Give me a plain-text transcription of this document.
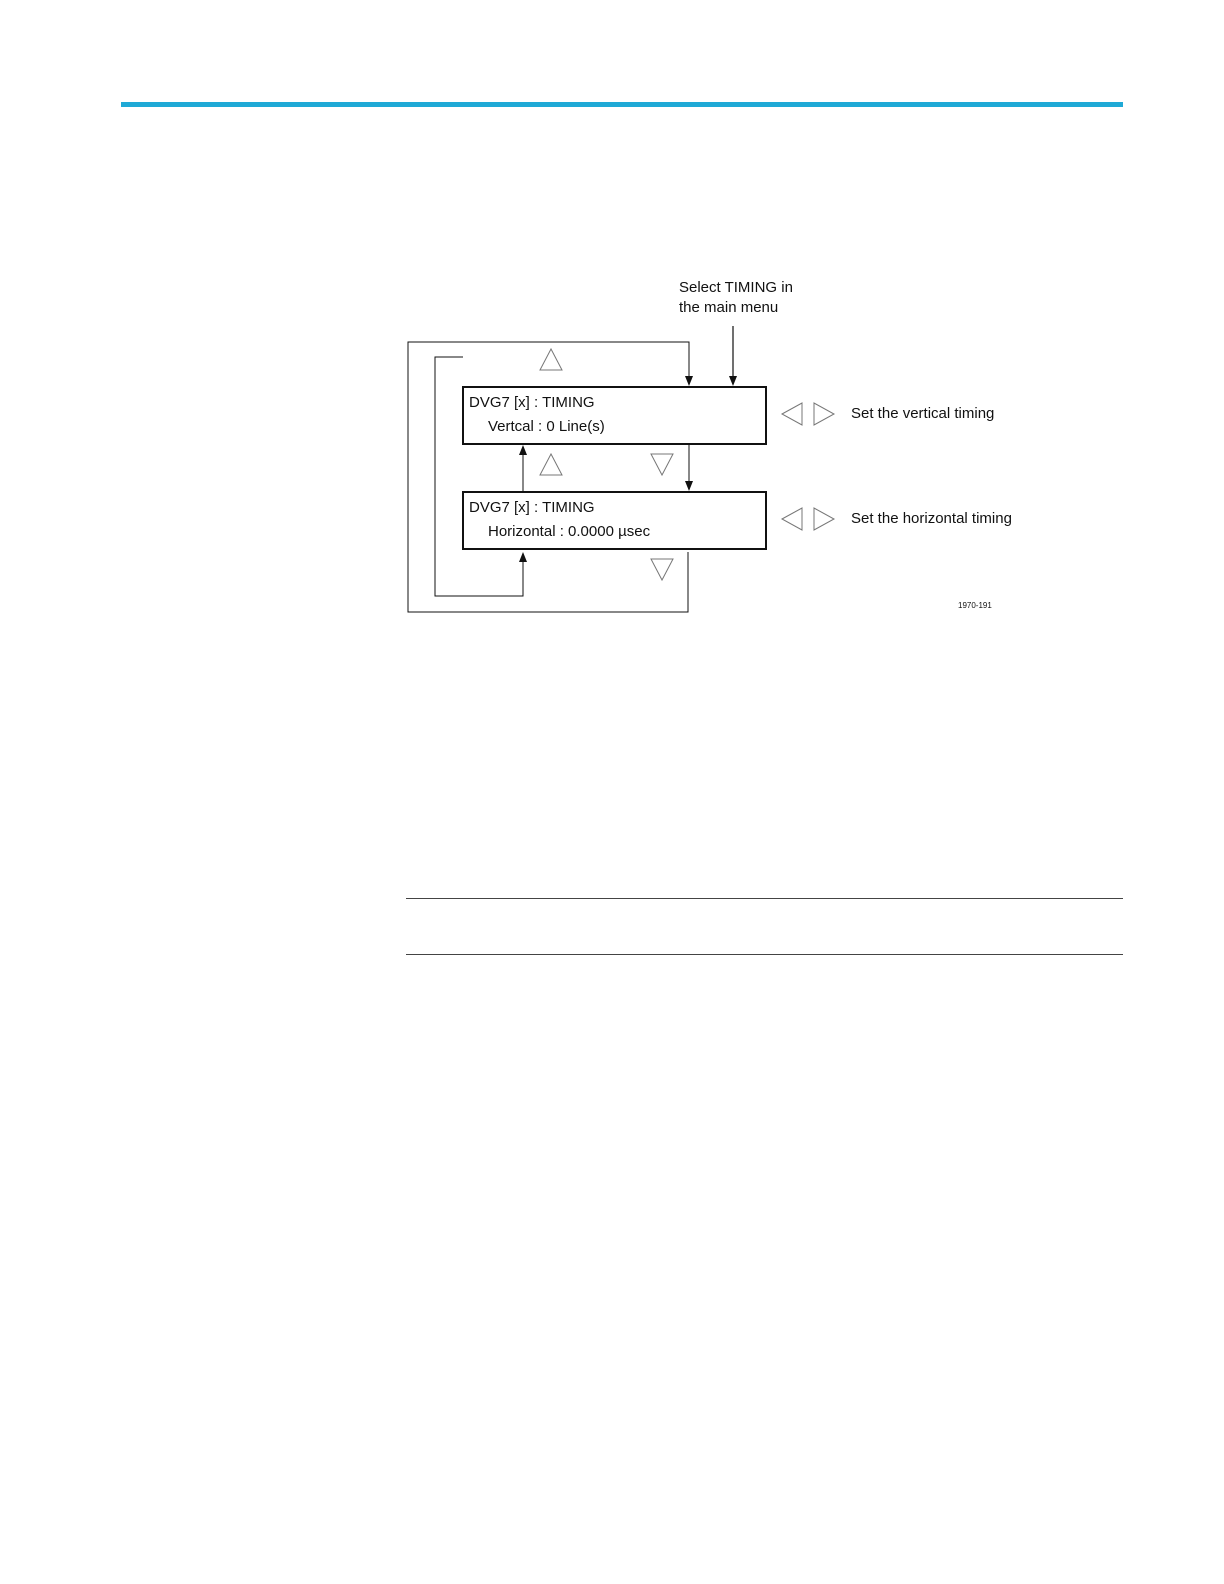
Select TIMING in
the main menu
DVG7 [x] : TIMING
Vertcal : 0 Line(s)
DVG7 [x] : TIMING
Horizontal : 0.0000 µsec
Set the vertical timing
Set the horizontal timing
1970-191
